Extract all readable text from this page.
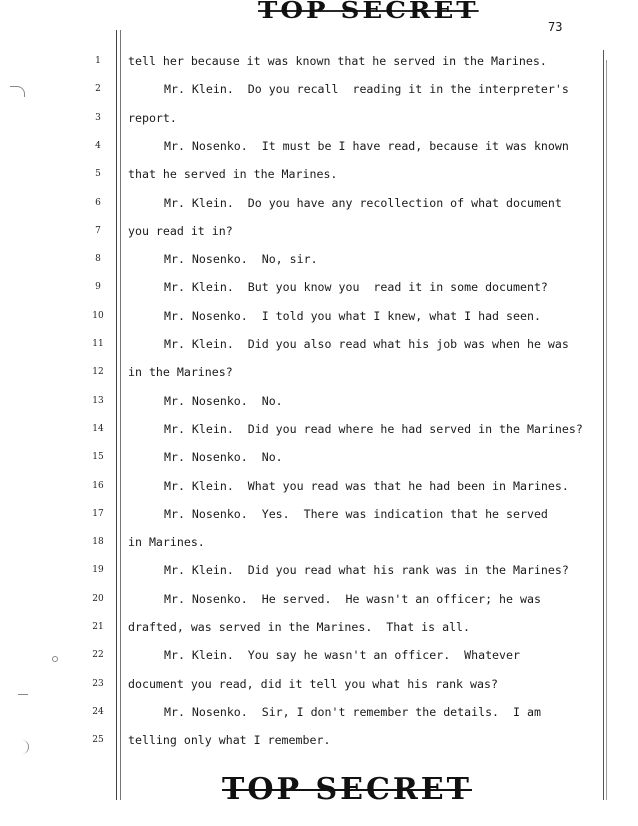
TOP SECRET
73
1	tell her because it was known that he served in the Marines.
2	Mr. Klein.  Do you recall  reading it in the interpreter's
3	report.
4	Mr. Nosenko.  It must be I have read, because it was known
5	that he served in the Marines.
6	Mr. Klein.  Do you have any recollection of what document
7	you read it in?
8	Mr. Nosenko.  No, sir.
9	Mr. Klein.  But you know you  read it in some document?
10	Mr. Nosenko.  I told you what I knew, what I had seen.
11	Mr. Klein.  Did you also read what his job was when he was
12	in the Marines?
13	Mr. Nosenko.  No.
14	Mr. Klein.  Did you read where he had served in the Marines?
15	Mr. Nosenko.  No.
16	Mr. Klein.  What you read was that he had been in Marines.
17	Mr. Nosenko.  Yes.  There was indication that he served
18	in Marines.
19	Mr. Klein.  Did you read what his rank was in the Marines?
20	Mr. Nosenko.  He served.  He wasn't an officer; he was
21	drafted, was served in the Marines.  That is all.
22	Mr. Klein.  You say he wasn't an officer.  Whatever
23	document you read, did it tell you what his rank was?
24	Mr. Nosenko.  Sir, I don't remember the details.  I am
25	telling only what I remember.
TOP SECRET
